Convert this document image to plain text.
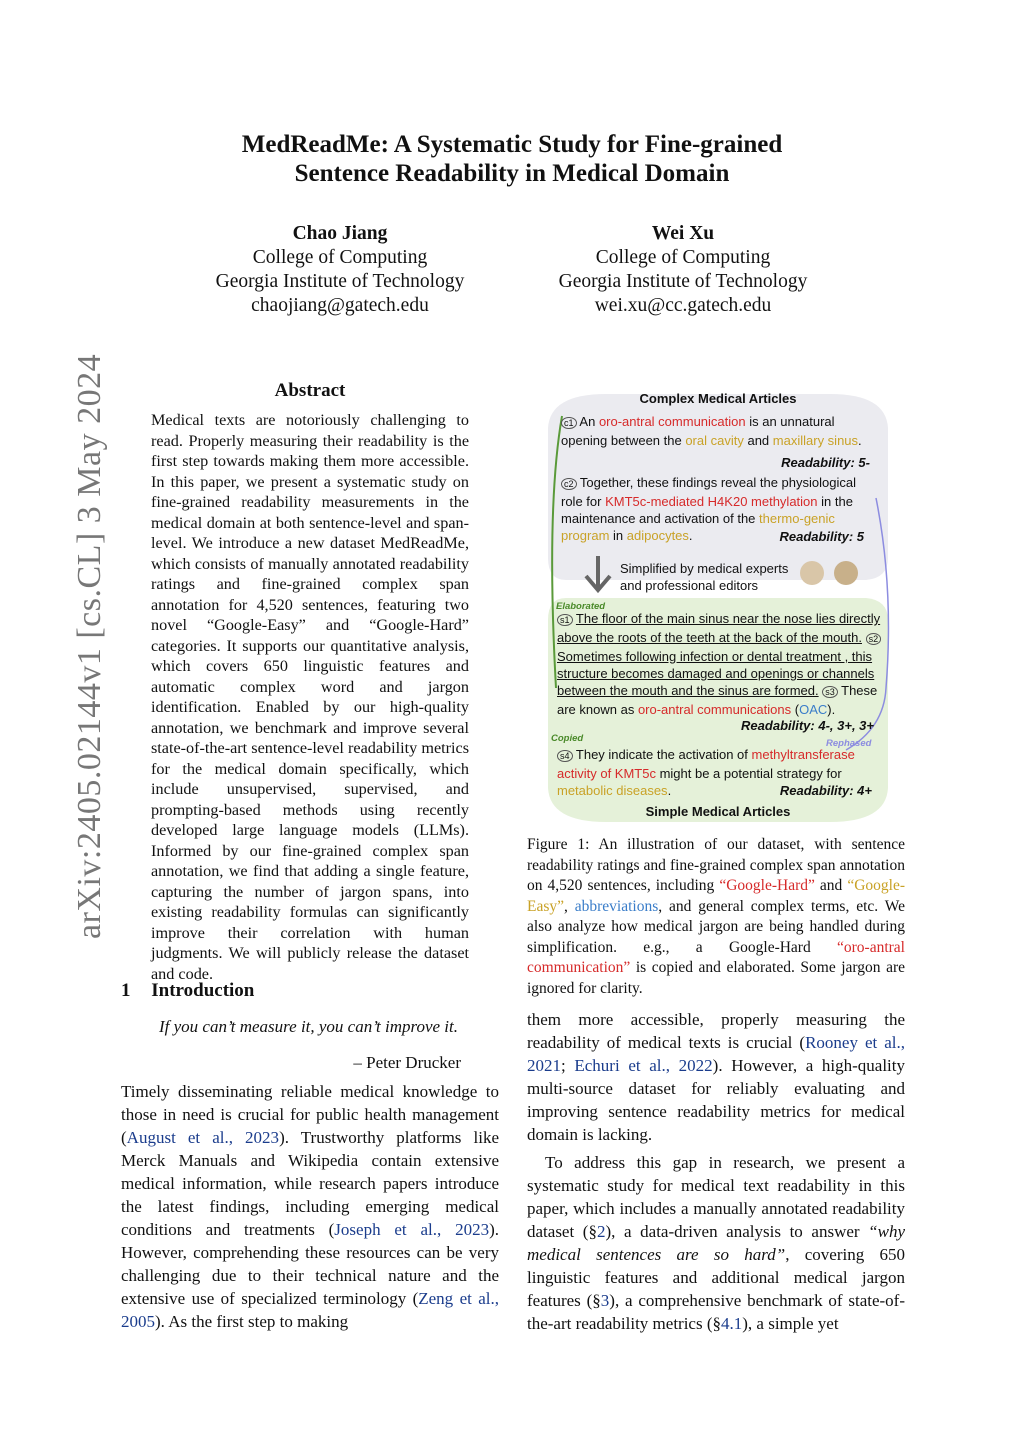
arXiv:2405.02144v1 [cs.CL] 3 May 2024
MedReadMe: A Systematic Study for Fine-grained
Sentence Readability in Medical Domain
Chao Jiang
College of Computing
Georgia Institute of Technology
chaojiang@gatech.edu
Wei Xu
College of Computing
Georgia Institute of Technology
wei.xu@cc.gatech.edu
Abstract
Medical texts are notoriously challenging to read. Properly measuring their readability is the first step towards making them more accessible. In this paper, we present a systematic study on fine-grained readability measurements in the medical domain at both sentence-level and span-level. We introduce a new dataset MedReadMe, which consists of manually annotated readability ratings and fine-grained complex span annotation for 4,520 sentences, featuring two novel “Google-Easy” and “Google-Hard” categories. It supports our quantitative analysis, which covers 650 linguistic features and automatic complex word and jargon identification. Enabled by our high-quality annotation, we benchmark and improve several state-of-the-art sentence-level readability metrics for the medical domain specifically, which include unsupervised, supervised, and prompting-based methods using recently developed large language models (LLMs). Informed by our fine-grained complex span annotation, we find that adding a single feature, capturing the number of jargon spans, into existing readability formulas can significantly improve their correlation with human judgments. We will publicly release the dataset and code.
1 Introduction
If you can’t measure it, you can’t improve it.
– Peter Drucker
Timely disseminating reliable medical knowledge to those in need is crucial for public health management (August et al., 2023). Trustworthy platforms like Merck Manuals and Wikipedia contain extensive medical information, while research papers introduce the latest findings, including emerging medical conditions and treatments (Joseph et al., 2023). However, comprehending these resources can be very challenging due to their technical nature and the extensive use of specialized terminology (Zeng et al., 2005). As the first step to making
Complex Medical Articles
c1 An oro-antral communication is an unnatural opening between the oral cavity and maxillary sinus.
Readability: 5-
c2 Together, these findings reveal the physiological role for KMT5c-mediated H4K20 methylation in the maintenance and activation of the thermo-genic program in adipocytes.	Readability: 5
Simplified by medical experts
and professional editors
Elaborated
s1 The floor of the main sinus near the nose lies directly above the roots of the teeth at the back of the mouth. s2 Sometimes following infection or dental treatment , this structure becomes damaged and openings or channels between the mouth and the sinus are formed. s3 These are known as oro-antral communications (OAC).
Readability: 4-, 3+, 3+
Copied	Rephased
s4 They indicate the activation of methyltransferase activity of KMT5c might be a potential strategy for metabolic diseases.	Readability: 4+
Simple Medical Articles
Figure 1: An illustration of our dataset, with sentence readability ratings and fine-grained complex span annotation on 4,520 sentences, including “Google-Hard” and “Google-Easy”, abbreviations, and general complex terms, etc. We also analyze how medical jargon are being handled during simplification. e.g., a Google-Hard “oro-antral communication” is copied and elaborated. Some jargon are ignored for clarity.
them more accessible, properly measuring the readability of medical texts is crucial (Rooney et al., 2021; Echuri et al., 2022). However, a high-quality multi-source dataset for reliably evaluating and improving sentence readability metrics for medical domain is lacking.
To address this gap in research, we present a systematic study for medical text readability in this paper, which includes a manually annotated readability dataset (§2), a data-driven analysis to answer “why medical sentences are so hard”, covering 650 linguistic features and additional medical jargon features (§3), a comprehensive benchmark of state-of-the-art readability metrics (§4.1), a simple yet
